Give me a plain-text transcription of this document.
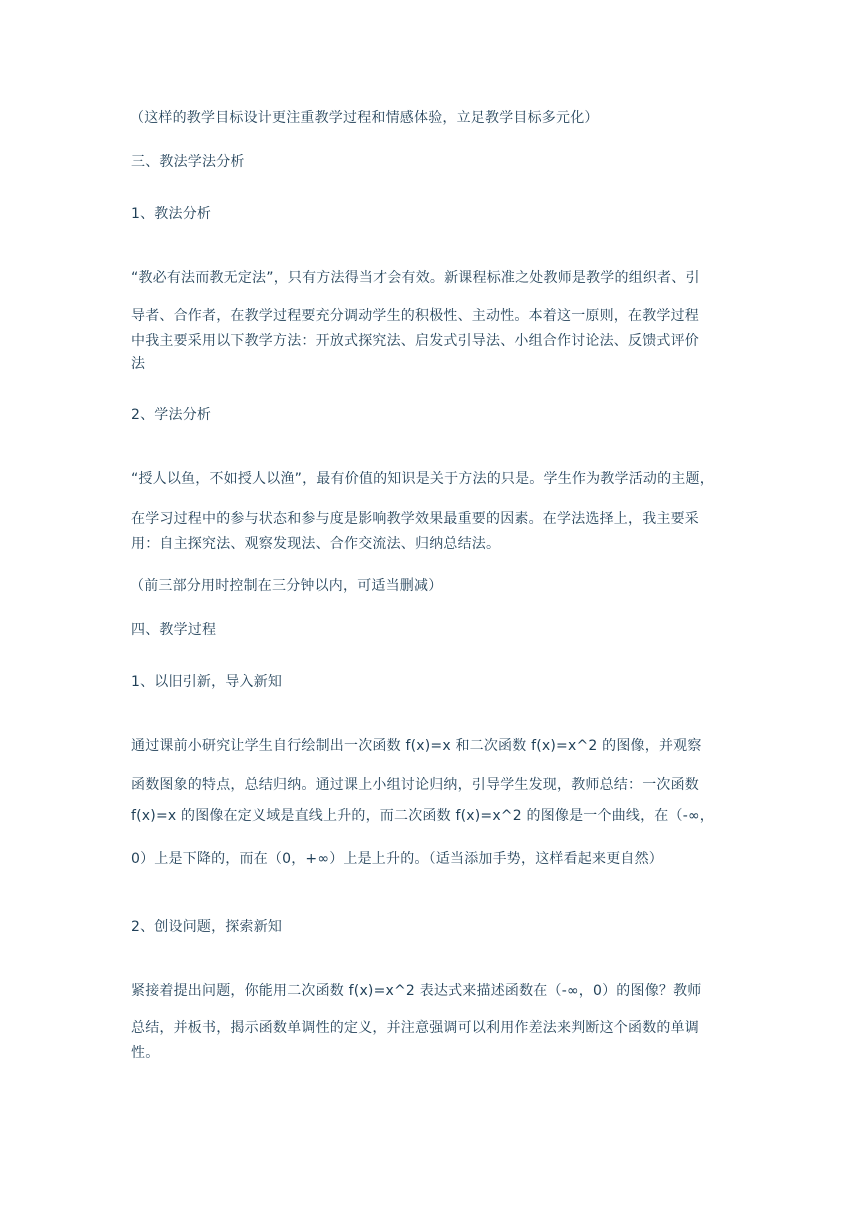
（这样的教学目标设计更注重教学过程和情感体验，立足教学目标多元化）
三、教法学法分析
1、教法分析
“教必有法而教无定法”，只有方法得当才会有效。新课程标准之处教师是教学的组织者、引
导者、合作者，在教学过程要充分调动学生的积极性、主动性。本着这一原则，在教学过程
中我主要采用以下教学方法：开放式探究法、启发式引导法、小组合作讨论法、反馈式评价
法
2、学法分析
“授人以鱼，不如授人以渔”，最有价值的知识是关于方法的只是。学生作为教学活动的主题，
在学习过程中的参与状态和参与度是影响教学效果最重要的因素。在学法选择上，我主要采
用：自主探究法、观察发现法、合作交流法、归纳总结法。
（前三部分用时控制在三分钟以内，可适当删减）
四、教学过程
1、以旧引新，导入新知
通过课前小研究让学生自行绘制出一次函数 f(x)=x 和二次函数 f(x)=x^2 的图像，并观察
函数图象的特点，总结归纳。通过课上小组讨论归纳，引导学生发现，教师总结：一次函数
f(x)=x 的图像在定义域是直线上升的，而二次函数 f(x)=x^2 的图像是一个曲线，在（-∞，
0）上是下降的，而在（0，+∞）上是上升的。（适当添加手势，这样看起来更自然）
2、创设问题，探索新知
紧接着提出问题，你能用二次函数 f(x)=x^2 表达式来描述函数在（-∞，0）的图像？教师
总结，并板书，揭示函数单调性的定义，并注意强调可以利用作差法来判断这个函数的单调
性。
